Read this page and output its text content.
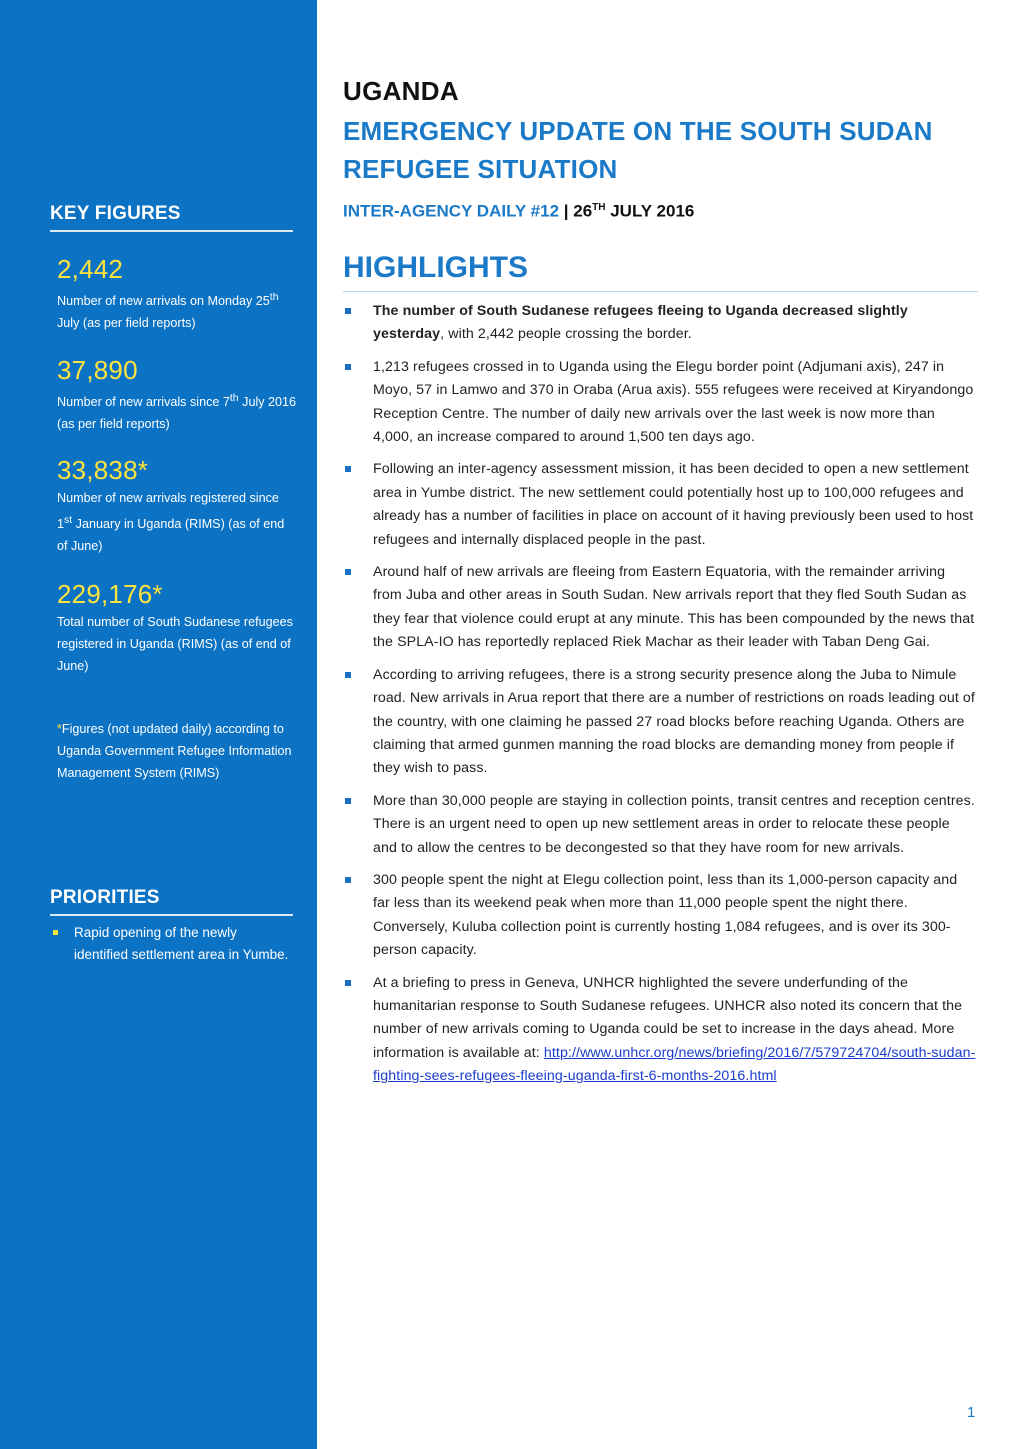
KEY FIGURES
2,442
Number of new arrivals on Monday 25th July (as per field reports)
37,890
Number of new arrivals since 7th July 2016 (as per field reports)
33,838*
Number of new arrivals registered since 1st January in Uganda (RIMS) (as of end of June)
229,176*
Total number of South Sudanese refugees registered in Uganda (RIMS) (as of end of June)
*Figures (not updated daily) according to Uganda Government Refugee Information Management System (RIMS)
PRIORITIES
Rapid opening of the newly identified settlement area in Yumbe.
UGANDA
EMERGENCY UPDATE ON THE SOUTH SUDAN REFUGEE SITUATION
INTER-AGENCY DAILY #12 | 26TH JULY 2016
HIGHLIGHTS
The number of South Sudanese refugees fleeing to Uganda decreased slightly yesterday, with 2,442 people crossing the border.
1,213 refugees crossed in to Uganda using the Elegu border point (Adjumani axis), 247 in Moyo, 57 in Lamwo and 370 in Oraba (Arua axis). 555 refugees were received at Kiryandongo Reception Centre. The number of daily new arrivals over the last week is now more than 4,000, an increase compared to around 1,500 ten days ago.
Following an inter-agency assessment mission, it has been decided to open a new settlement area in Yumbe district. The new settlement could potentially host up to 100,000 refugees and already has a number of facilities in place on account of it having previously been used to host refugees and internally displaced people in the past.
Around half of new arrivals are fleeing from Eastern Equatoria, with the remainder arriving from Juba and other areas in South Sudan. New arrivals report that they fled South Sudan as they fear that violence could erupt at any minute. This has been compounded by the news that the SPLA-IO has reportedly replaced Riek Machar as their leader with Taban Deng Gai.
According to arriving refugees, there is a strong security presence along the Juba to Nimule road. New arrivals in Arua report that there are a number of restrictions on roads leading out of the country, with one claiming he passed 27 road blocks before reaching Uganda. Others are claiming that armed gunmen manning the road blocks are demanding money from people if they wish to pass.
More than 30,000 people are staying in collection points, transit centres and reception centres. There is an urgent need to open up new settlement areas in order to relocate these people and to allow the centres to be decongested so that they have room for new arrivals.
300 people spent the night at Elegu collection point, less than its 1,000-person capacity and far less than its weekend peak when more than 11,000 people spent the night there. Conversely, Kuluba collection point is currently hosting 1,084 refugees, and is over its 300-person capacity.
At a briefing to press in Geneva, UNHCR highlighted the severe underfunding of the humanitarian response to South Sudanese refugees. UNHCR also noted its concern that the number of new arrivals coming to Uganda could be set to increase in the days ahead. More information is available at: http://www.unhcr.org/news/briefing/2016/7/579724704/south-sudan-fighting-sees-refugees-fleeing-uganda-first-6-months-2016.html
1
